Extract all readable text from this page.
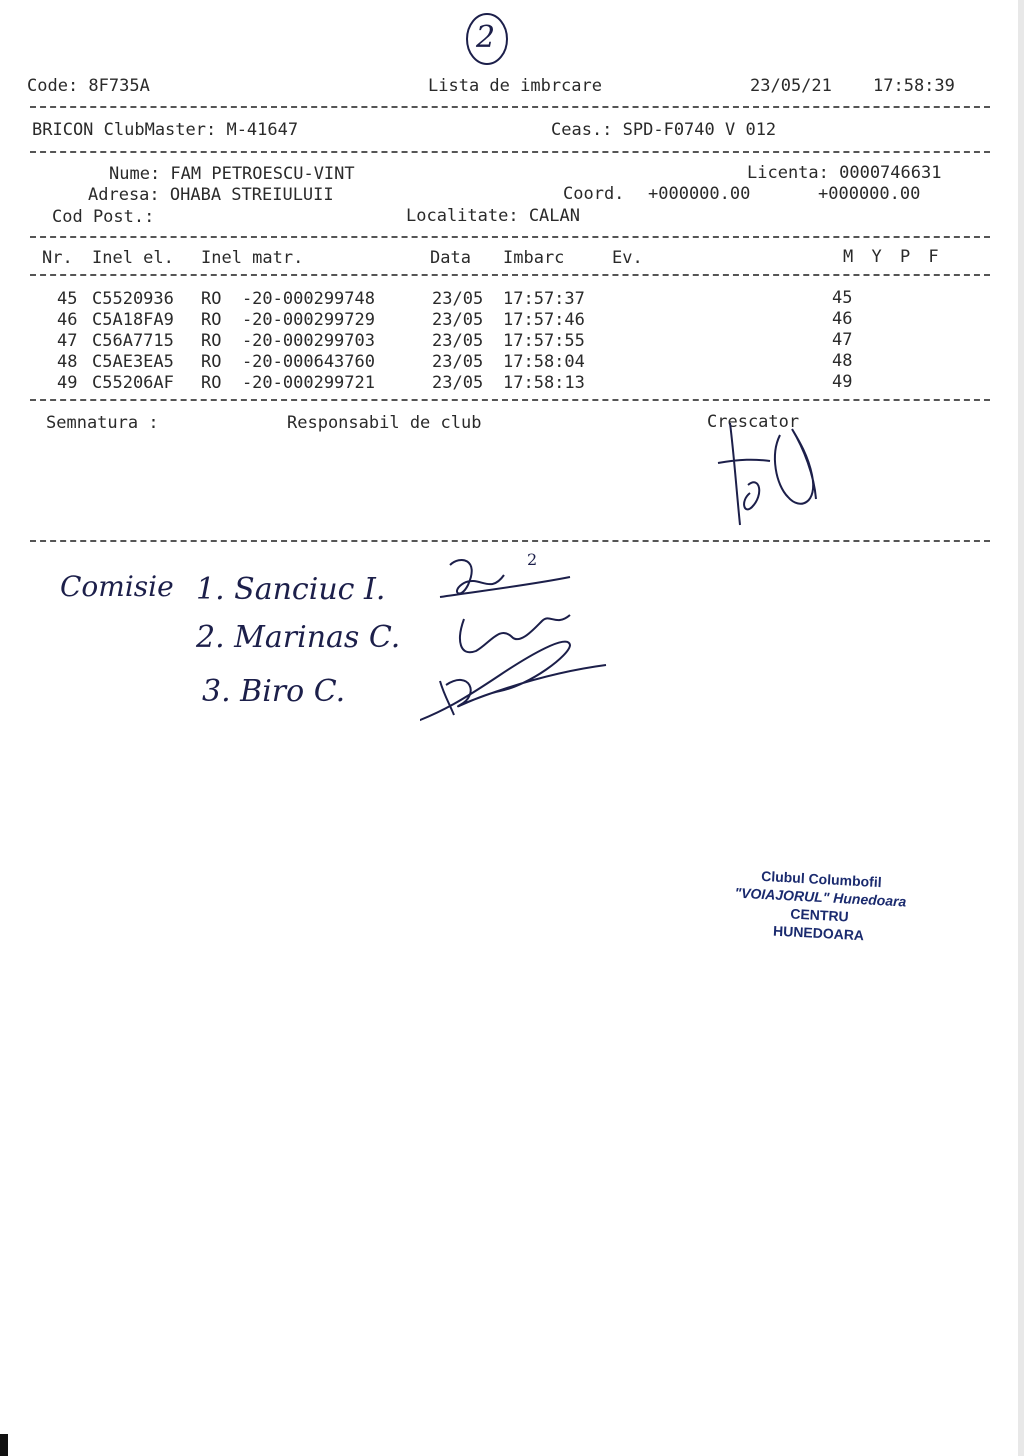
2
Code: 8F735A	Lista de imbrcare	23/05/21 17:58:39
BRICON ClubMaster: M-41647	Ceas.: SPD-F0740 V 012
Nume: FAM PETROESCU-VINT	Licenta: 0000746631
Adresa: OHABA STREIULUII	Coord. +000000.00	+000000.00
Cod Post.:	Localitate: CALAN
Nr. Inel el. Inel matr.	Data Imbarc	Ev.	M Y P F
45 C5520936 RO  -20-000299748	23/05 17:57:37	45
46 C5A18FA9 RO  -20-000299729	23/05 17:57:46	46
47 C56A7715 RO  -20-000299703	23/05 17:57:55	47
48 C5AE3EA5 RO  -20-000643760	23/05 17:58:04	48
49 C55206AF RO  -20-000299721	23/05 17:58:13	49
Semnatura :	Responsabil de club	Crescator
Comisie 1. Sanciuc I.
2. Marinas C.
3. Biro C.
2
Clubul Columbofil
"VOIAJORUL" Hunedoara
CENTRU
HUNEDOARA
